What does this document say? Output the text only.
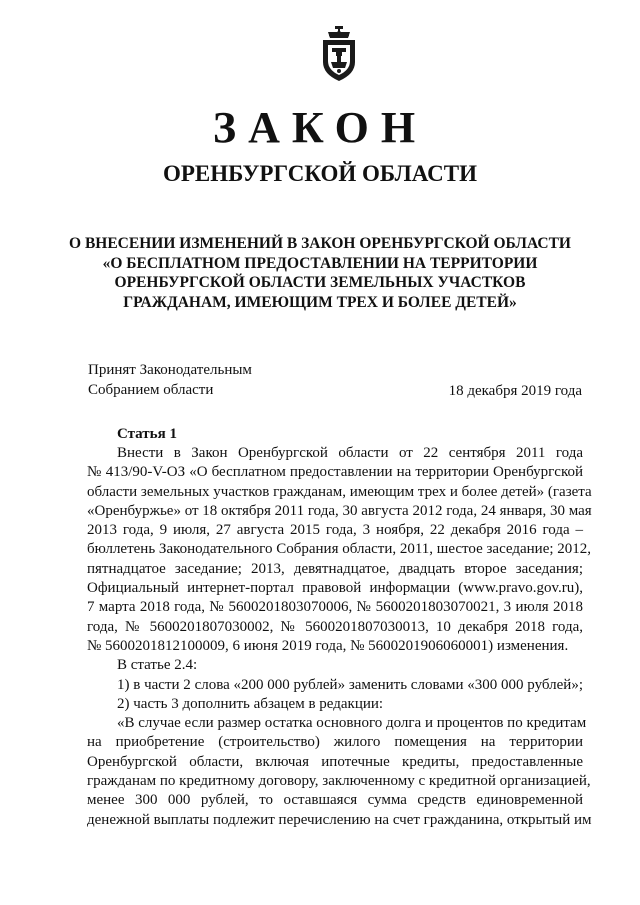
ЗАКОН
ОРЕНБУРГСКОЙ ОБЛАСТИ
О ВНЕСЕНИИ ИЗМЕНЕНИЙ В ЗАКОН ОРЕНБУРГСКОЙ ОБЛАСТИ
«О БЕСПЛАТНОМ ПРЕДОСТАВЛЕНИИ НА ТЕРРИТОРИИ
ОРЕНБУРГСКОЙ ОБЛАСТИ ЗЕМЕЛЬНЫХ УЧАСТКОВ
ГРАЖДАНАМ, ИМЕЮЩИМ ТРЕХ И БОЛЕЕ ДЕТЕЙ»
Принят Законодательным
Собранием области	18 декабря 2019 года
Статья 1
Внести в Закон Оренбургской области от 22 сентября 2011 года
№ 413/90-V-ОЗ «О бесплатном предоставлении на территории Оренбургской
области земельных участков гражданам, имеющим трех и более детей» (газета
«Оренбуржье» от 18 октября 2011 года, 30 августа 2012 года, 24 января, 30 мая
2013 года, 9 июля, 27 августа 2015 года, 3 ноября, 22 декабря 2016 года –
бюллетень Законодательного Собрания области, 2011, шестое заседание; 2012,
пятнадцатое заседание; 2013, девятнадцатое, двадцать второе заседания;
Официальный интернет-портал правовой информации (www.pravo.gov.ru),
7 марта 2018 года, № 5600201803070006, № 5600201803070021, 3 июля 2018
года, № 5600201807030002, № 5600201807030013, 10 декабря 2018 года,
№ 5600201812100009, 6 июня 2019 года, № 5600201906060001) изменения.
В статье 2.4:
1) в части 2 слова «200 000 рублей» заменить словами «300 000 рублей»;
2) часть 3 дополнить абзацем в редакции:
«В случае если размер остатка основного долга и процентов по кредитам
на приобретение (строительство) жилого помещения на территории
Оренбургской области, включая ипотечные кредиты, предоставленные
гражданам по кредитному договору, заключенному с кредитной организацией,
менее 300 000 рублей, то оставшаяся сумма средств единовременной
денежной выплаты подлежит перечислению на счет гражданина, открытый им
